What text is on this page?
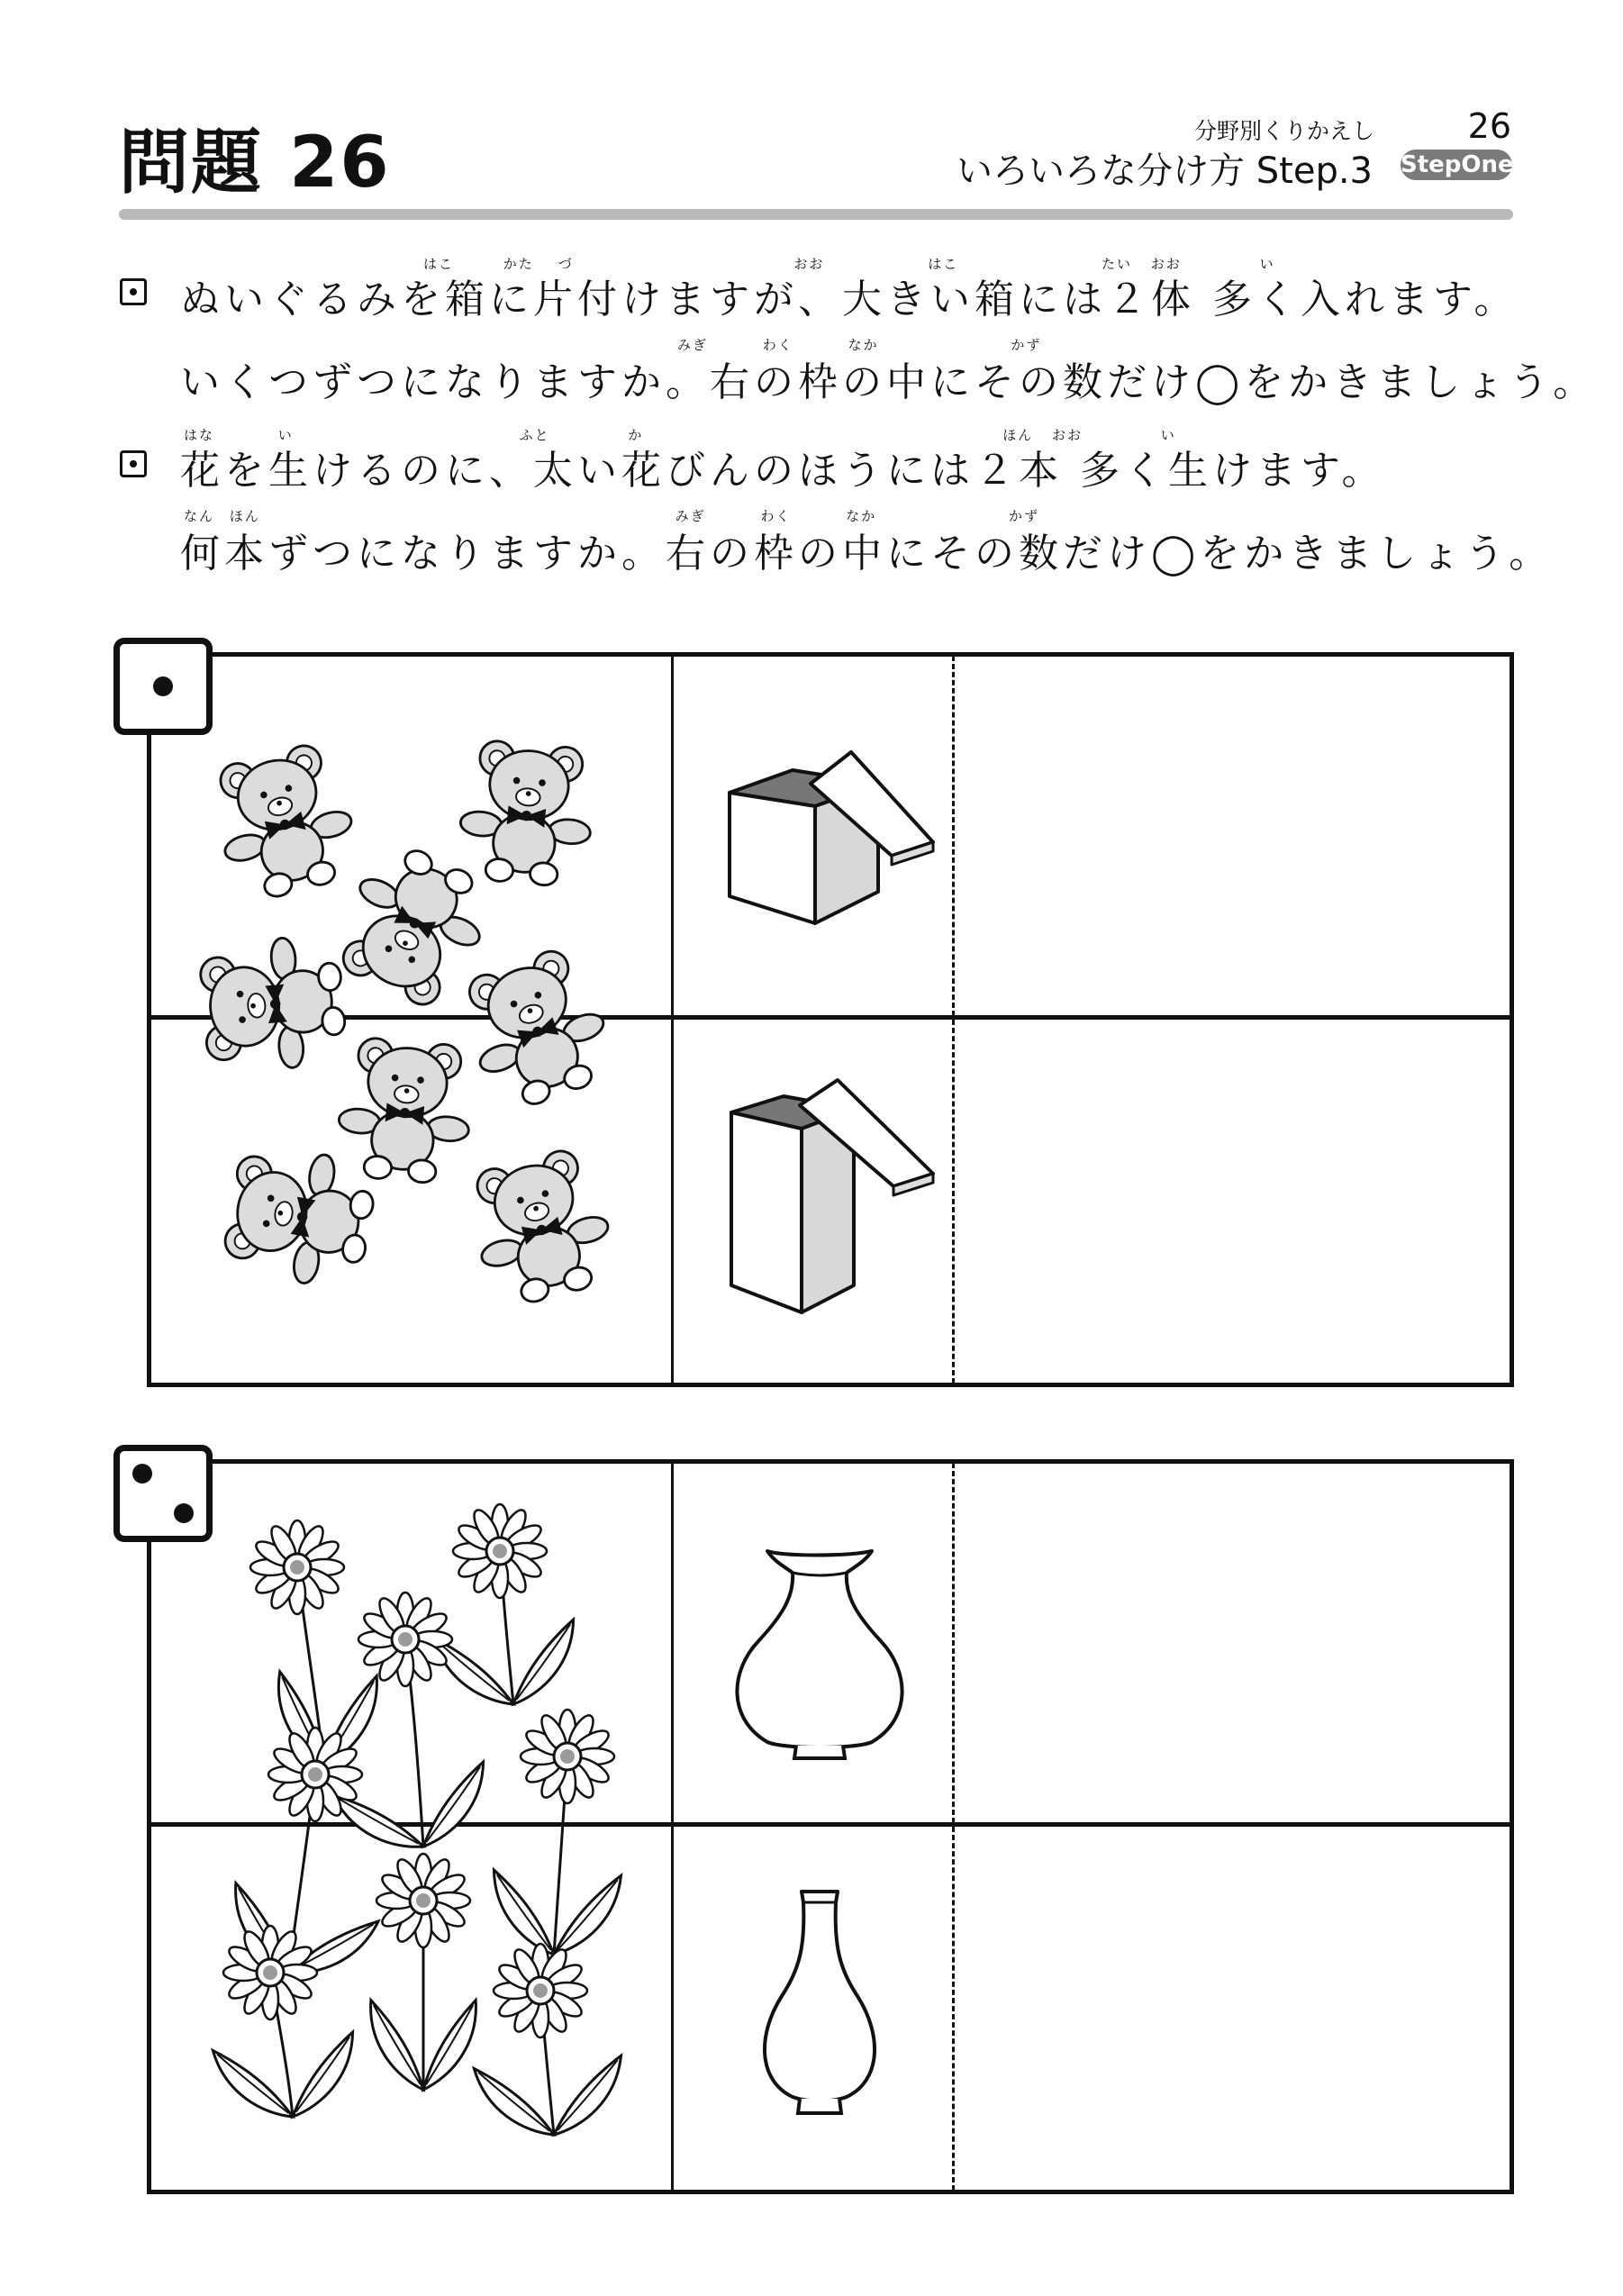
問題 26	分野別くりかえし	26
いろいろな分け方 Step.3 StepOne
はこ	かた づ	おお	はこ	たい おお	い
ぬいぐるみを箱に片付けますが、大きい箱には２体 多く入れます。
みぎ	わく	なか	かず
いくつずつになりますか。右の枠の中にその数だけ◯をかきましょう。
はな	い	ふと	か	ほん おお	い
花を生けるのに、太い花びんのほうには２本 多く生けます。
なん ほん	みぎ	わく	なか	かず
何本ずつになりますか。右の枠の中にその数だけ◯をかきましょう。
